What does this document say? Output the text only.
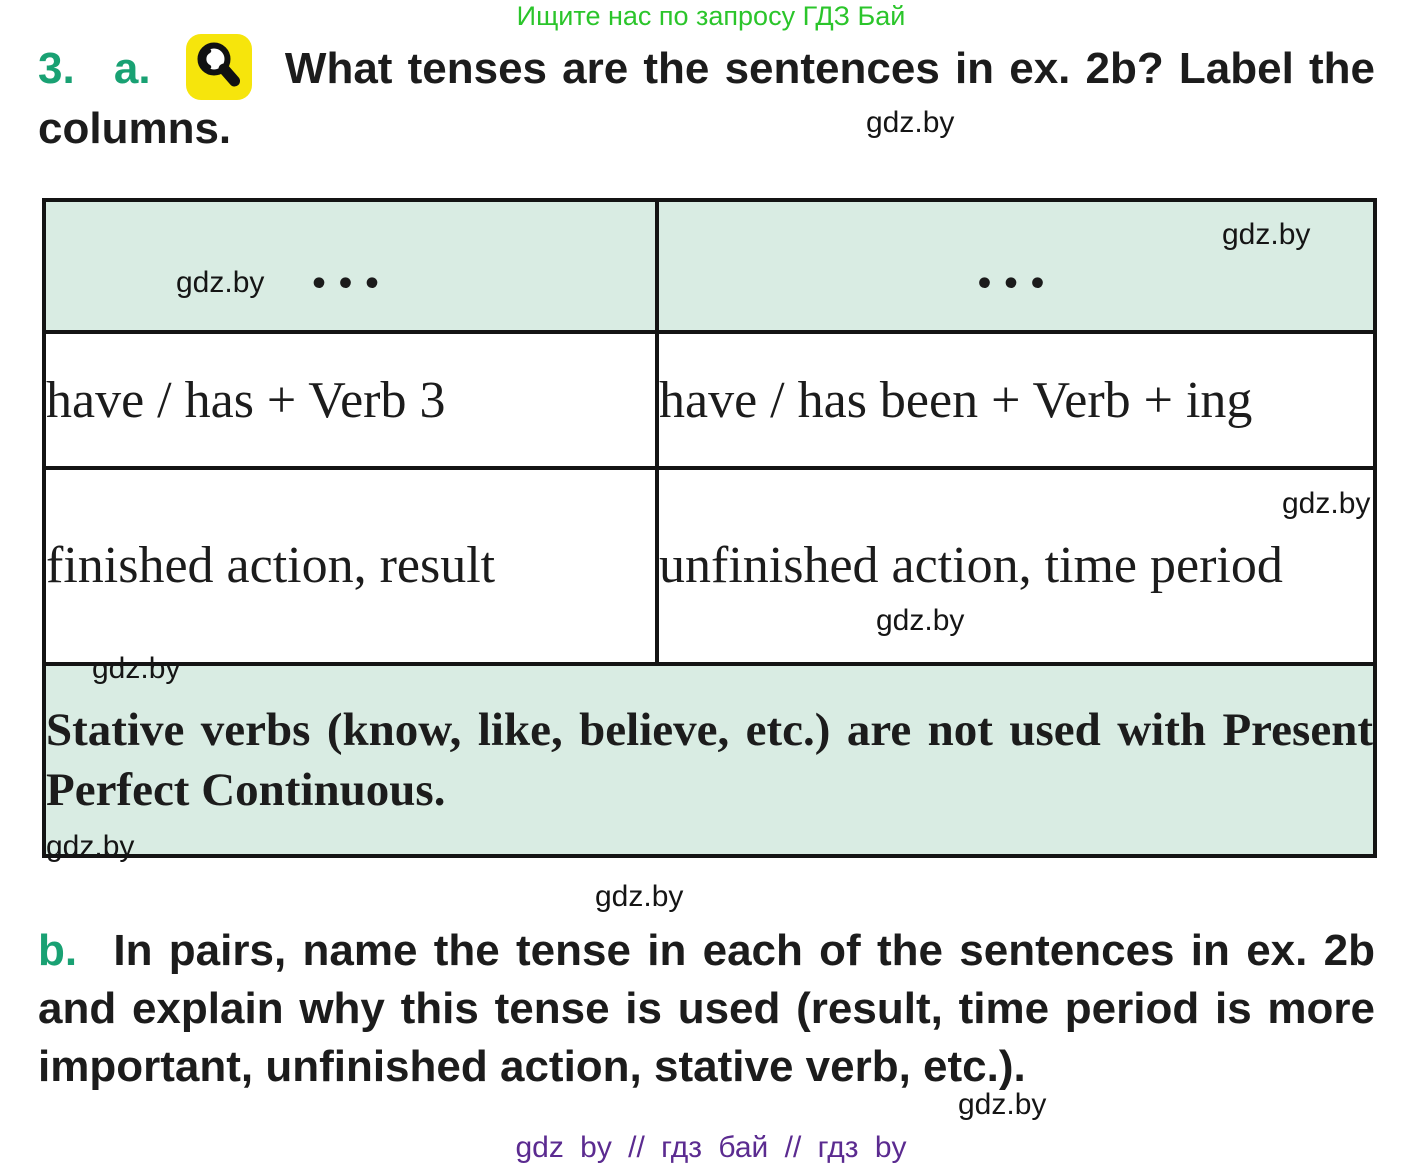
Ищите нас по запросу ГДЗ Бай

3. a.	What tenses are the sentences in ex. 2b? Label the columns.

...	...
have / has + Verb 3	have / has been + Verb + ing

finished action, result	unfinished action, time period

Stative verbs (know, like, believe, etc.) are not used with Present Perfect Continuous.	

b. In pairs, name the tense in each of the sentences in ex. 2b and explain why this tense is used (result, time period is more important, unfinished action, stative verb, etc.).

gdz by // гдз бай // гдз by
gdz.by
gdz.by
gdz.by
gdz.by
gdz.by
gdz.by
gdz.by
gdz.by
gdz.by
